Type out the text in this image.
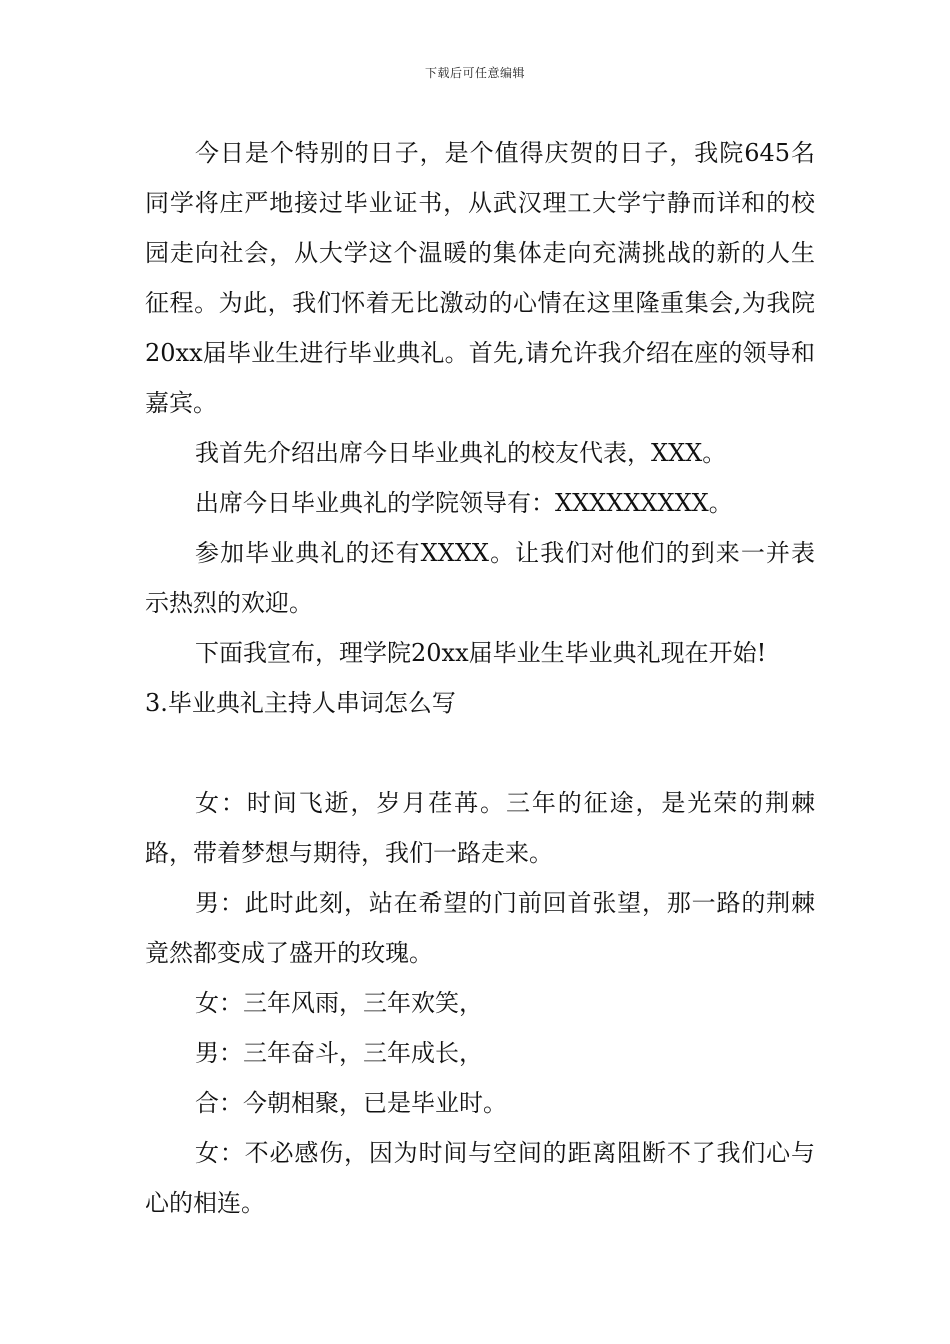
下载后可任意编辑

今日是个特别的日子，是个值得庆贺的日子，我院645名同学将庄严地接过毕业证书，从武汉理工大学宁静而详和的校园走向社会，从大学这个温暖的集体走向充满挑战的新的人生征程。为此，我们怀着无比激动的心情在这里隆重集会,为我院20xx届毕业生进行毕业典礼。首先,请允许我介绍在座的领导和嘉宾。

我首先介绍出席今日毕业典礼的校友代表，XXX。

出席今日毕业典礼的学院领导有：XXXXXXXXX。

参加毕业典礼的还有XXXX。让我们对他们的到来一并表示热烈的欢迎。

下面我宣布，理学院20xx届毕业生毕业典礼现在开始!

3.毕业典礼主持人串词怎么写

女：时间飞逝，岁月荏苒。三年的征途，是光荣的荆棘路，带着梦想与期待，我们一路走来。

男：此时此刻，站在希望的门前回首张望，那一路的荆棘竟然都变成了盛开的玫瑰。

女：三年风雨，三年欢笑，

男：三年奋斗，三年成长，

合：今朝相聚，已是毕业时。

女：不必感伤，因为时间与空间的距离阻断不了我们心与心的相连。
